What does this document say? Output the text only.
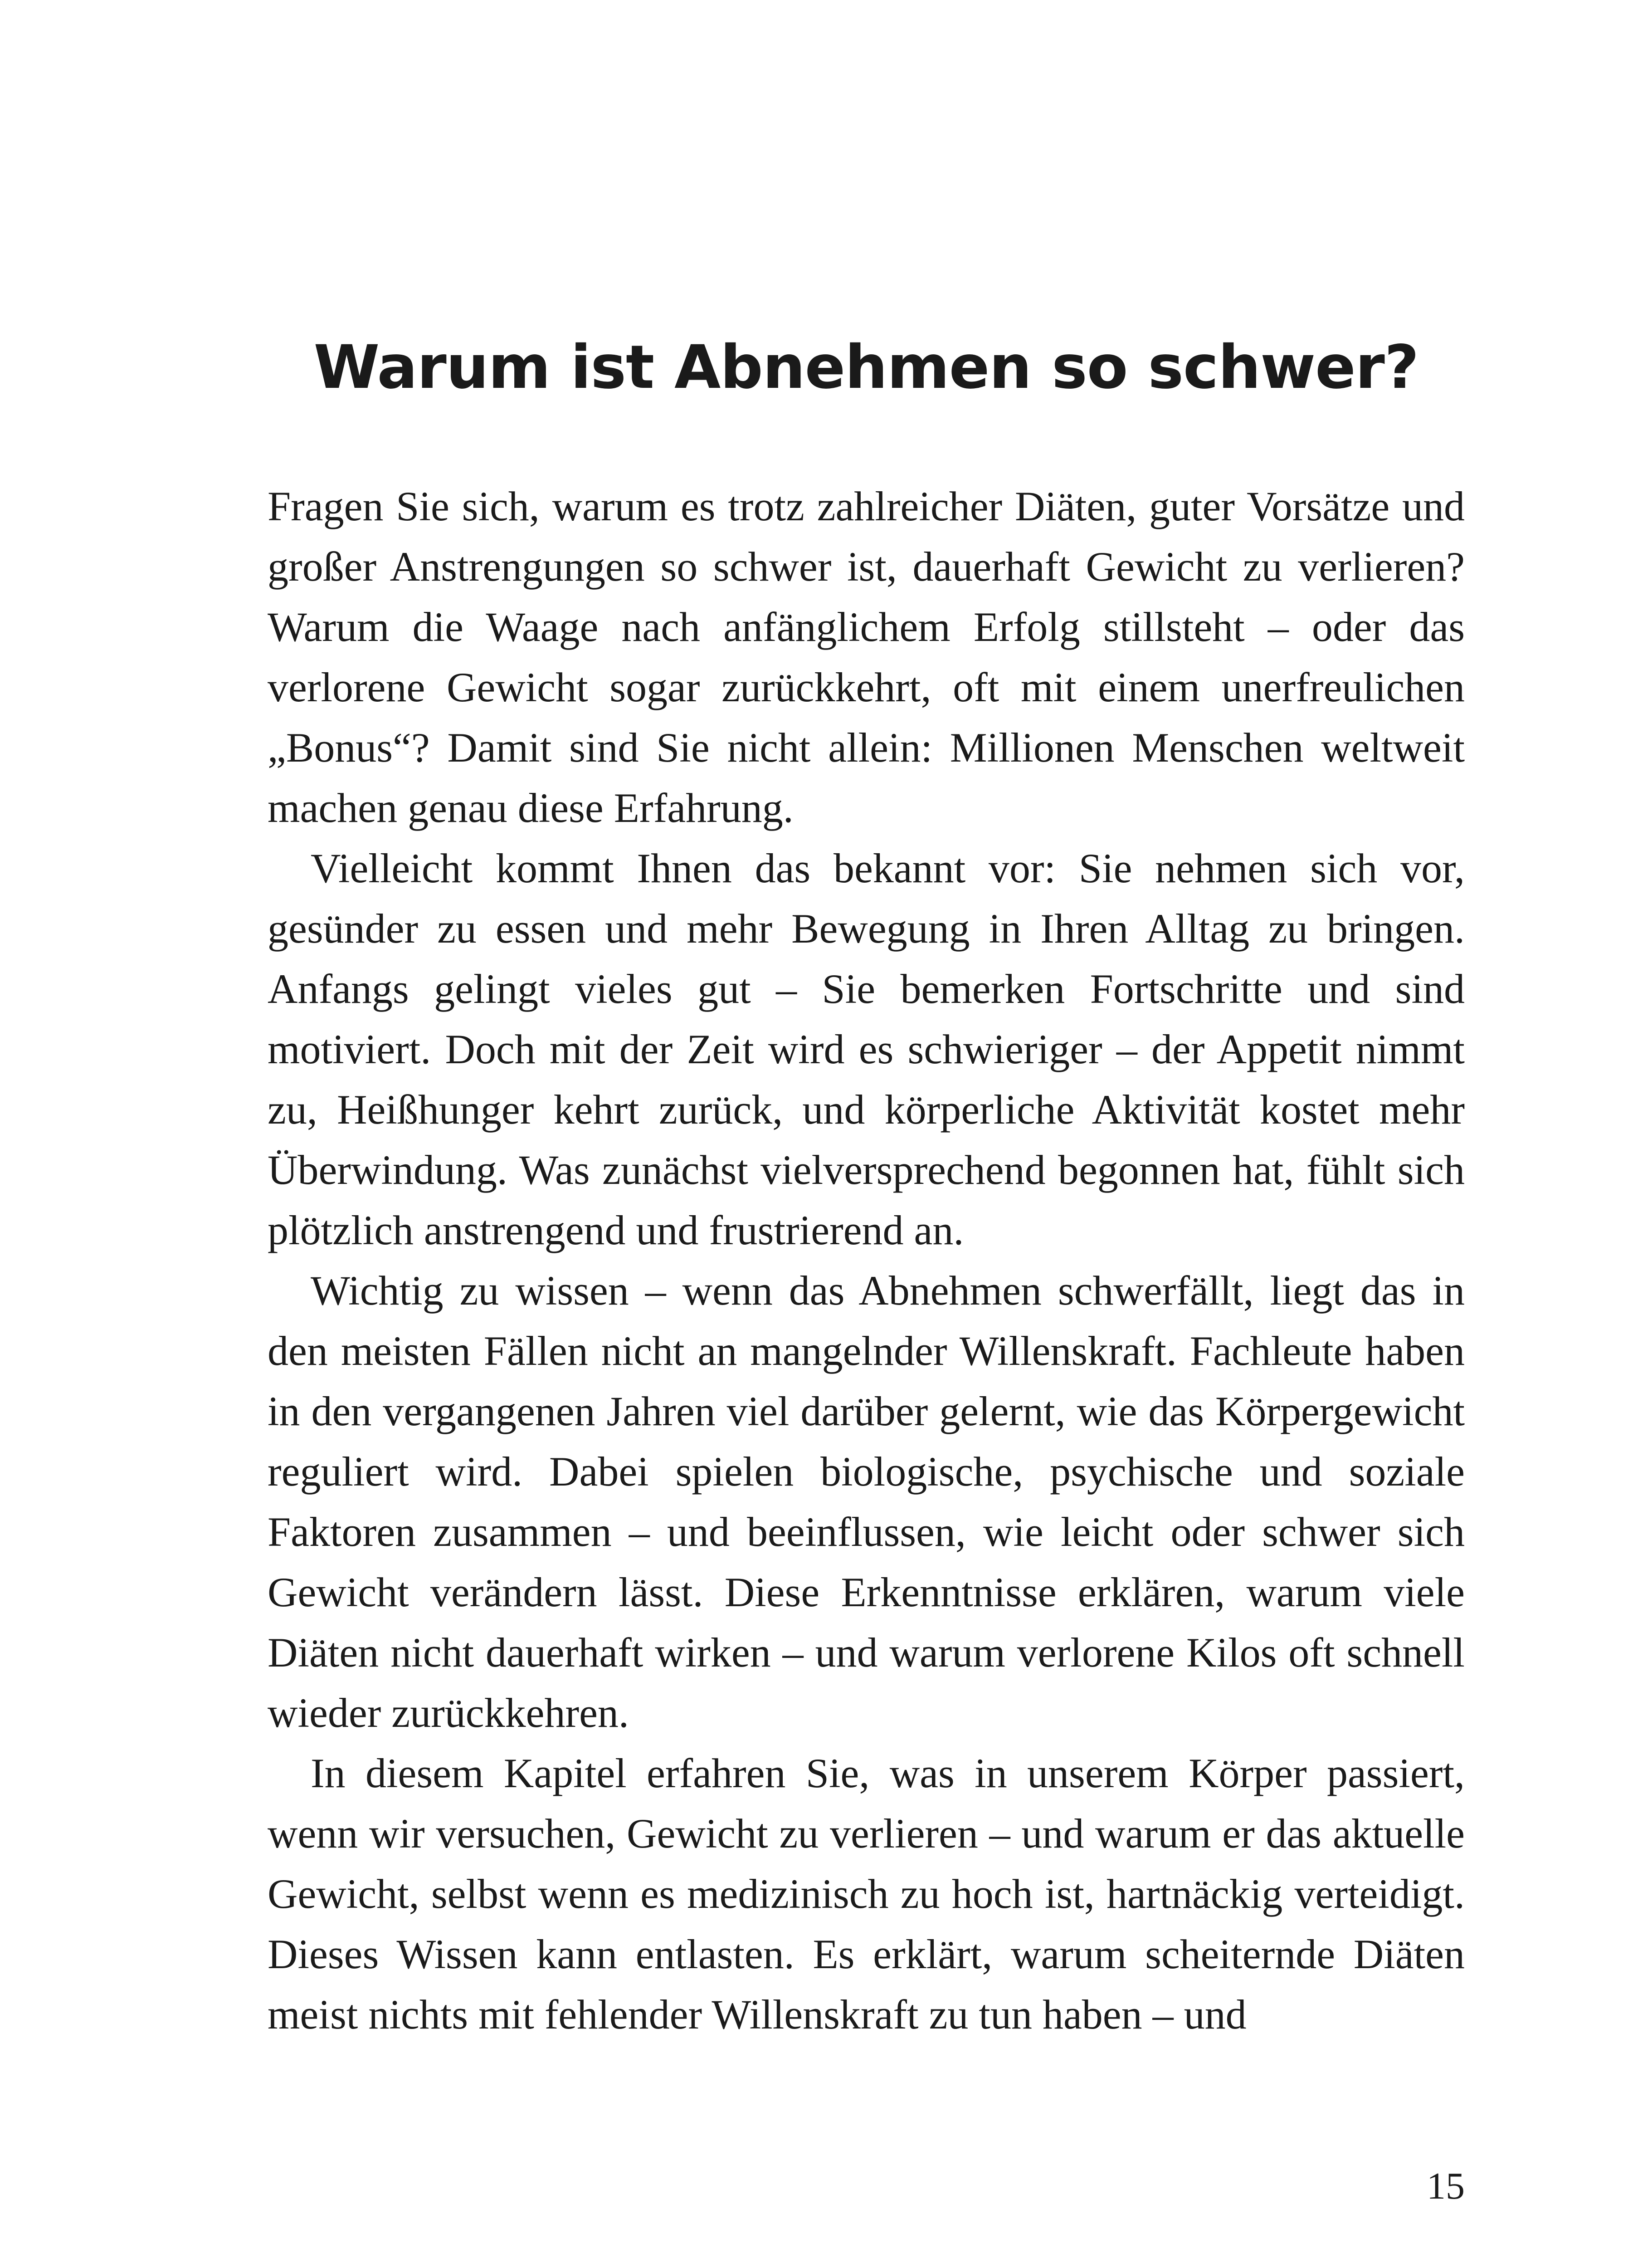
Warum ist Abnehmen so schwer?

Fragen Sie sich, warum es trotz zahlreicher Diäten, guter Vorsätze und großer Anstrengungen so schwer ist, dauerhaft Gewicht zu verlieren? Warum die Waage nach anfänglichem Erfolg stillsteht – oder das verlorene Gewicht sogar zurückkehrt, oft mit einem unerfreulichen „Bonus“? Damit sind Sie nicht allein: Millionen Menschen weltweit machen genau diese Erfahrung.

Vielleicht kommt Ihnen das bekannt vor: Sie nehmen sich vor, gesünder zu essen und mehr Bewegung in Ihren Alltag zu bringen. Anfangs gelingt vieles gut – Sie bemerken Fortschritte und sind motiviert. Doch mit der Zeit wird es schwieriger – der Appetit nimmt zu, Heißhunger kehrt zurück, und körperliche Aktivität kostet mehr Überwindung. Was zunächst vielversprechend begonnen hat, fühlt sich plötzlich anstrengend und frustrierend an.

Wichtig zu wissen – wenn das Abnehmen schwerfällt, liegt das in den meisten Fällen nicht an mangelnder Willenskraft. Fachleute haben in den vergangenen Jahren viel darüber gelernt, wie das Körpergewicht reguliert wird. Dabei spielen biologische, psychische und soziale Faktoren zusammen – und beeinflussen, wie leicht oder schwer sich Gewicht verändern lässt. Diese Erkenntnisse erklären, warum viele Diäten nicht dauerhaft wirken – und warum verlorene Kilos oft schnell wieder zurückkehren.

In diesem Kapitel erfahren Sie, was in unserem Körper passiert, wenn wir versuchen, Gewicht zu verlieren – und warum er das aktuelle Gewicht, selbst wenn es medizinisch zu hoch ist, hartnäckig verteidigt. Dieses Wissen kann entlasten. Es erklärt, warum scheiternde Diäten meist nichts mit fehlender Willenskraft zu tun haben – und

15
